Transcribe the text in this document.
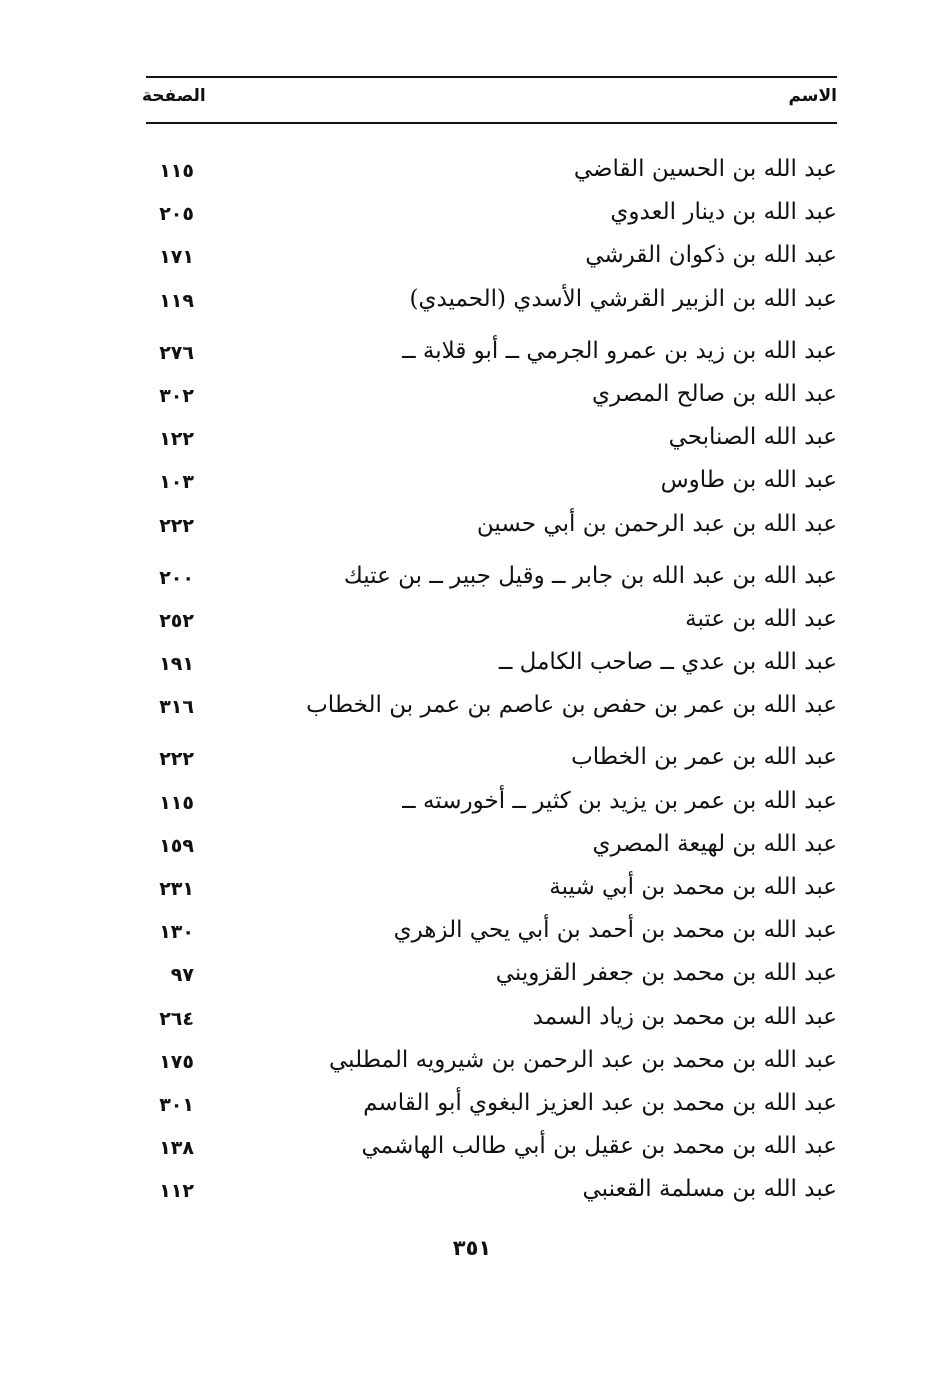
الاسم
الصفحة
عبد الله بن الحسين القاضي
١١٥
عبد الله بن دينار العدوي
٢٠٥
عبد الله بن ذكوان القرشي
١٧١
عبد الله بن الزبير القرشي الأسدي (الحميدي)
١١٩
عبد الله بن زيد بن عمرو الجرمي ــ أبو قلابة ــ
٢٧٦
عبد الله بن صالح المصري
٣٠٢
عبد الله الصنابحي
١٢٢
عبد الله بن طاوس
١٠٣
عبد الله بن عبد الرحمن بن أبي حسين
٢٢٢
عبد الله بن عبد الله بن جابر ــ وقيل جبير ــ بن عتيك
٢٠٠
عبد الله بن عتبة
٢٥٢
عبد الله بن عدي ــ صاحب الكامل ــ
١٩١
عبد الله بن عمر بن حفص بن عاصم بن عمر بن الخطاب
٣١٦
عبد الله بن عمر بن الخطاب
٢٢٢
عبد الله بن عمر بن يزيد بن كثير ــ أخورسته ــ
١١٥
عبد الله بن لهيعة المصري
١٥٩
عبد الله بن محمد بن أبي شيبة
٢٣١
عبد الله بن محمد بن أحمد بن أبي يحي الزهري
١٣٠
عبد الله بن محمد بن جعفر القزويني
٩٧
عبد الله بن محمد بن زياد السمد
٢٦٤
عبد الله بن محمد بن عبد الرحمن بن شيرويه المطلبي
١٧٥
عبد الله بن محمد بن عبد العزيز البغوي أبو القاسم
٣٠١
عبد الله بن محمد بن عقيل بن أبي طالب الهاشمي
١٣٨
عبد الله بن مسلمة القعنبي
١١٢
٣٥١
